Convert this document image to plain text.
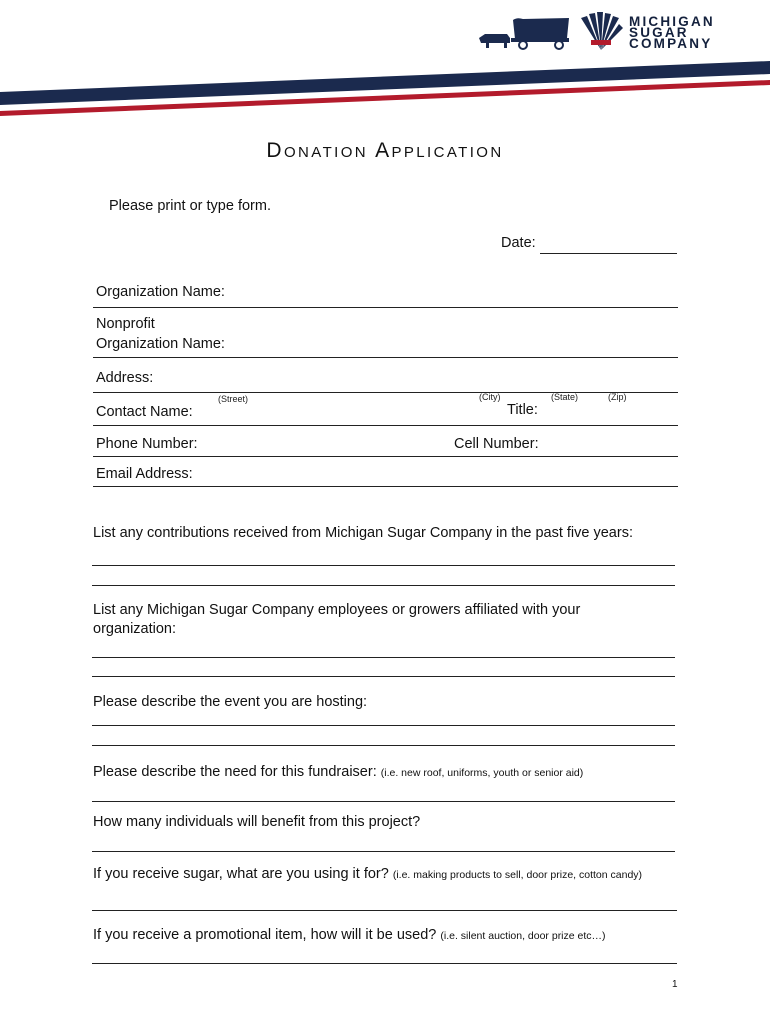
MICHIGAN
SUGAR
COMPANY
Donation Application
Please print or type form.
Date:
Organization Name:
Nonprofit
Organization Name:
Address:
(Street)	(City)	(State)	(Zip)
Contact Name:	Title:
Phone Number:	Cell Number:
Email Address:
List any contributions received from Michigan Sugar Company in the past five years:
List any Michigan Sugar Company employees or growers affiliated with your
organization:
Please describe the event you are hosting:
Please describe the need for this fundraiser: (i.e. new roof, uniforms, youth or senior aid)
How many individuals will benefit from this project?
If you receive sugar, what are you using it for? (i.e. making products to sell, door prize, cotton candy)
If you receive a promotional item, how will it be used? (i.e. silent auction, door prize etc…)
1
